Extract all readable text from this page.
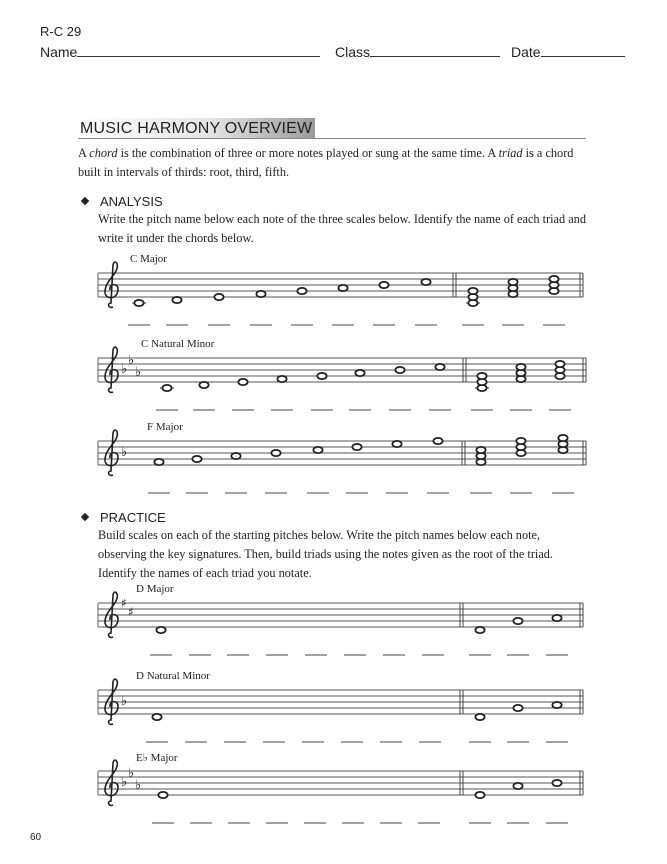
R-C 29
Name	Class	Date
MUSIC HARMONY OVERVIEW
A chord is the combination of three or more notes played or sung at the same time. A triad is a chord built in intervals of thirds: root, third, fifth.
ANALYSIS
Write the pitch name below each note of the three scales below. Identify the name of each triad and write it under the chords below.
PRACTICE
Build scales on each of the starting pitches below. Write the pitch names below each note, observing the key signatures. Then, build triads using the notes given as the root of the triad. Identify the names of each triad you notate.
♭
♭
♭
♭
♯
♯
♭
♭
♭
♭
C Major
C Natural Minor
F Major
D Major
D Natural Minor
E♭ Major
60
